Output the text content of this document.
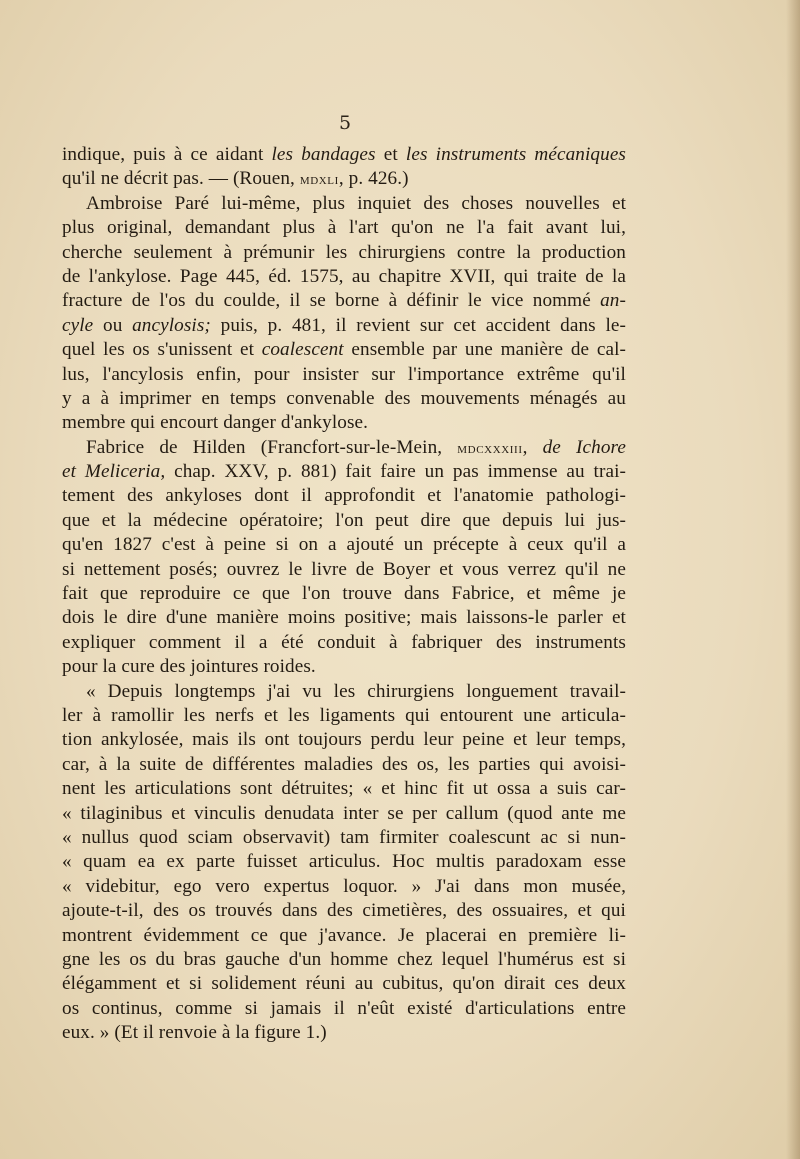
5
indique, puis à ce aidant les bandages et les instruments mécaniques
qu'il ne décrit pas. — (Rouen, mdxli, p. 426.)
Ambroise Paré lui-même, plus inquiet des choses nouvelles et
plus original, demandant plus à l'art qu'on ne l'a fait avant lui,
cherche seulement à prémunir les chirurgiens contre la production
de l'ankylose. Page 445, éd. 1575, au chapitre XVII, qui traite de la
fracture de l'os du coulde, il se borne à définir le vice nommé an-
cyle ou ancylosis; puis, p. 481, il revient sur cet accident dans le-
quel les os s'unissent et coalescent ensemble par une manière de cal-
lus, l'ancylosis enfin, pour insister sur l'importance extrême qu'il
y a à imprimer en temps convenable des mouvements ménagés au
membre qui encourt danger d'ankylose.
Fabrice de Hilden (Francfort-sur-le-Mein, mdcxxxiii, de Ichore
et Meliceria, chap. XXV, p. 881) fait faire un pas immense au trai-
tement des ankyloses dont il approfondit et l'anatomie pathologi-
que et la médecine opératoire; l'on peut dire que depuis lui jus-
qu'en 1827 c'est à peine si on a ajouté un précepte à ceux qu'il a
si nettement posés; ouvrez le livre de Boyer et vous verrez qu'il ne
fait que reproduire ce que l'on trouve dans Fabrice, et même je
dois le dire d'une manière moins positive; mais laissons-le parler et
expliquer comment il a été conduit à fabriquer des instruments
pour la cure des jointures roides.
« Depuis longtemps j'ai vu les chirurgiens longuement travail-
ler à ramollir les nerfs et les ligaments qui entourent une articula-
tion ankylosée, mais ils ont toujours perdu leur peine et leur temps,
car, à la suite de différentes maladies des os, les parties qui avoisi-
nent les articulations sont détruites; « et hinc fit ut ossa a suis car-
« tilaginibus et vinculis denudata inter se per callum (quod ante me
« nullus quod sciam observavit) tam firmiter coalescunt ac si nun-
« quam ea ex parte fuisset articulus. Hoc multis paradoxam esse
« videbitur, ego vero expertus loquor. » J'ai dans mon musée,
ajoute-t-il, des os trouvés dans des cimetières, des ossuaires, et qui
montrent évidemment ce que j'avance. Je placerai en première li-
gne les os du bras gauche d'un homme chez lequel l'humérus est si
élégamment et si solidement réuni au cubitus, qu'on dirait ces deux
os continus, comme si jamais il n'eût existé d'articulations entre
eux. » (Et il renvoie à la figure 1.)
